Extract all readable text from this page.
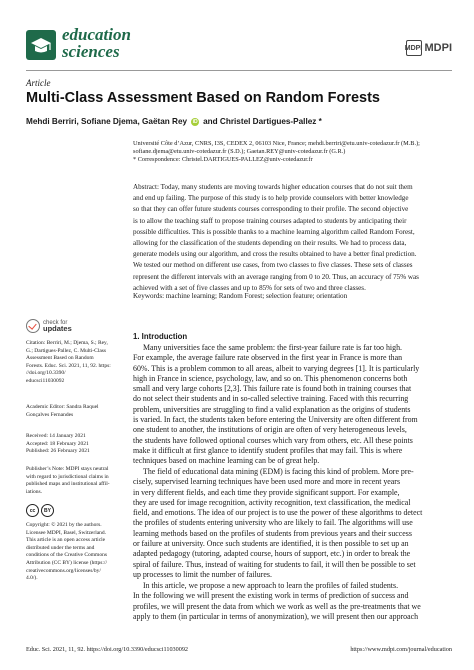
education
sciences	MDPI MDPI
Article
Multi-Class Assessment Based on Random Forests
Mehdi Berriri, Sofiane Djema, Gaëtan Rey	iD and Christel Dartigues-Pallez *
Université Côte d’Azur, CNRS, I3S, CEDEX 2, 06103 Nice, France; mehdi.berriri@etu.univ-cotedazur.fr (M.B.);
sofiane.djema@etu.univ-cotedazur.fr (S.D.); Gaetan.REY@univ-cotedazur.fr (G.R.)
* Correspondence: Christel.DARTIGUES-PALLEZ@univ-cotedazur.fr
Abstract: Today, many students are moving towards higher education courses that do not suit them
and end up failing. The purpose of this study is to help provide counselors with better knowledge
so that they can offer future students courses corresponding to their profile. The second objective
is to allow the teaching staff to propose training courses adapted to students by anticipating their
possible difficulties. This is possible thanks to a machine learning algorithm called Random Forest,
allowing for the classification of the students depending on their results. We had to process data,
generate models using our algorithm, and cross the results obtained to have a better final prediction.
We tested our method on different use cases, from two classes to five classes. These sets of classes
represent the different intervals with an average ranging from 0 to 20. Thus, an accuracy of 75% was
achieved with a set of five classes and up to 85% for sets of two and three classes.
Keywords: machine learning; Random Forest; selection feature; orientation
check for
updates
Citation: Berriri, M.; Djema, S.; Rey,
G.; Dartigues-Pallez, C. Multi-Class
Assessment Based on Random
Forests. Educ. Sci. 2021, 11, 92. https:
//doi.org/10.3390/
educsci11030092
Academic Editor: Sandra Raquel
Gonçalves Fernandes
Received: 14 January 2021
Accepted: 18 February 2021
Published: 26 February 2021
Publisher’s Note: MDPI stays neutral
with regard to jurisdictional claims in
published maps and institutional affil-
iations.
cc	BY
Copyright: © 2021 by the authors.
Licensee MDPI, Basel, Switzerland.
This article is an open access article
distributed under the terms and
conditions of the Creative Commons
Attribution (CC BY) license (https://
creativecommons.org/licenses/by/
4.0/).
1. Introduction
Many universities face the same problem: the first-year failure rate is far too high.
For example, the average failure rate observed in the first year in France is more than
60%. This is a problem common to all areas, albeit to varying degrees [1]. It is particularly
high in France in science, psychology, law, and so on. This phenomenon concerns both
small and very large cohorts [2,3]. This failure rate is found both in training courses that
do not select their students and in so-called selective training. Faced with this recurring
problem, universities are struggling to find a valid explanation as the origins of students
is varied. In fact, the students taken before entering the University are often different from
one student to another, the institutions of origin are often of very heterogeneous levels,
the students have followed optional courses which vary from others, etc. All these points
make it difficult at first glance to identify student profiles that may fail. This is where
techniques based on machine learning can be of great help.
The field of educational data mining (EDM) is facing this kind of problem. More pre-
cisely, supervised learning techniques have been used more and more in recent years
in very different fields, and each time they provide significant support. For example,
they are used for image recognition, activity recognition, text classification, the medical
field, and emotions. The idea of our project is to use the power of these algorithms to detect
the profiles of students entering university who are likely to fail. The algorithms will use
learning methods based on the profiles of students from previous years and their success
or failure at university. Once such students are identified, it is then possible to set up an
adapted pedagogy (tutoring, adapted course, hours of support, etc.) in order to break the
spiral of failure. Thus, instead of waiting for students to fail, it will then be possible to set
up processes to limit the number of failures.
In this article, we propose a new approach to learn the profiles of failed students.
In the following we will present the existing work in terms of prediction of success and
profiles, we will present the data from which we work as well as the pre-treatments that we
apply to them (in particular in terms of anonymization), we will present then our approach
Educ. Sci. 2021, 11, 92. https://doi.org/10.3390/educsci11030092	https://www.mdpi.com/journal/education
